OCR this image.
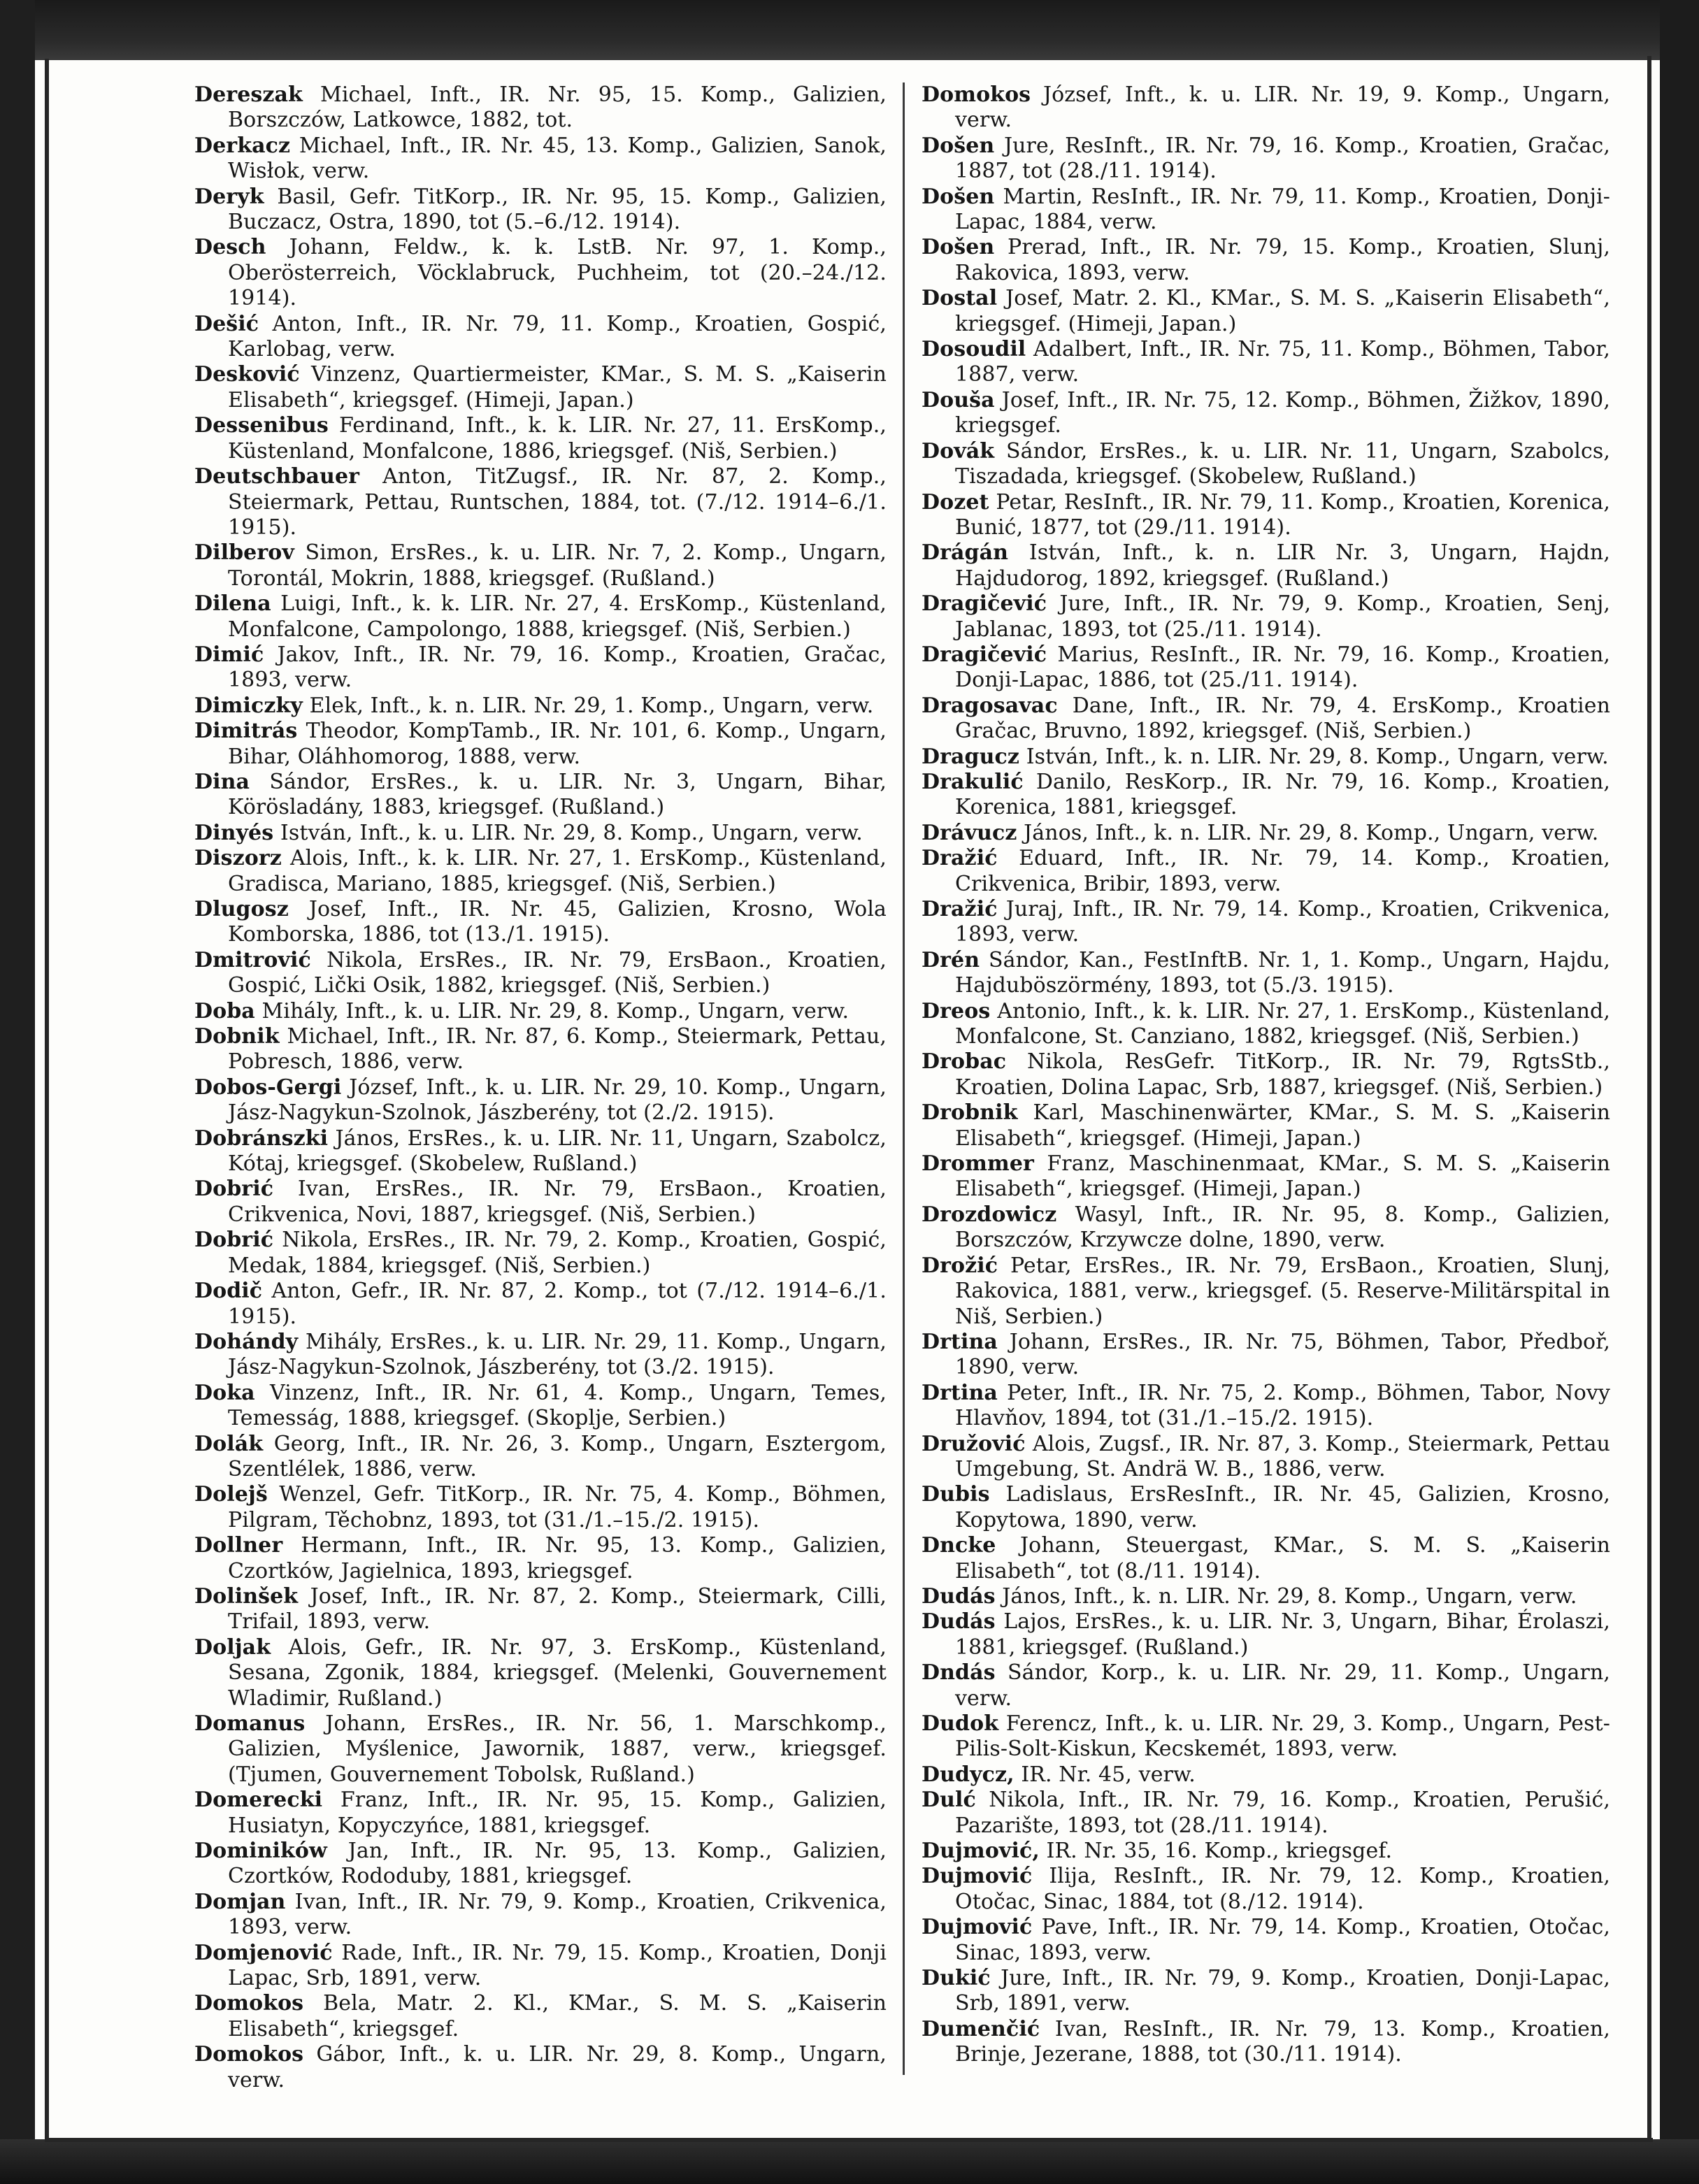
Dereszak Michael, Inft., IR. Nr. 95, 15. Komp., Galizien, Borszczów, Latkowce, 1882, tot.

Derkacz Michael, Inft., IR. Nr. 45, 13. Komp., Galizien, Sanok, Wisłok, verw.

Deryk Basil, Gefr. TitKorp., IR. Nr. 95, 15. Komp., Galizien, Buczacz, Ostra, 1890, tot (5.–6./12. 1914).

Desch Johann, Feldw., k. k. LstB. Nr. 97, 1. Komp., Oberösterreich, Vöcklabruck, Puchheim, tot (20.–24./12. 1914).

Dešić Anton, Inft., IR. Nr. 79, 11. Komp., Kroatien, Gospić, Karlobag, verw.

Desković Vinzenz, Quartiermeister, KMar., S. M. S. „Kaiserin Elisabeth“, kriegsgef. (Himeji, Japan.)

Dessenibus Ferdinand, Inft., k. k. LIR. Nr. 27, 11. ErsKomp., Küstenland, Monfalcone, 1886, kriegsgef. (Niš, Serbien.)

Deutschbauer Anton, TitZugsf., IR. Nr. 87, 2. Komp., Steiermark, Pettau, Runtschen, 1884, tot. (7./12. 1914–6./1. 1915).

Dilberov Simon, ErsRes., k. u. LIR. Nr. 7, 2. Komp., Ungarn, Torontál, Mokrin, 1888, kriegsgef. (Rußland.)

Dilena Luigi, Inft., k. k. LIR. Nr. 27, 4. ErsKomp., Küstenland, Monfalcone, Campolongo, 1888, kriegsgef. (Niš, Serbien.)

Dimić Jakov, Inft., IR. Nr. 79, 16. Komp., Kroatien, Gračac, 1893, verw.

Dimiczky Elek, Inft., k. n. LIR. Nr. 29, 1. Komp., Ungarn, verw.

Dimitrás Theodor, KompTamb., IR. Nr. 101, 6. Komp., Ungarn, Bihar, Oláhhomorog, 1888, verw.

Dina Sándor, ErsRes., k. u. LIR. Nr. 3, Ungarn, Bihar, Körösladány, 1883, kriegsgef. (Rußland.)

Dinyés István, Inft., k. u. LIR. Nr. 29, 8. Komp., Ungarn, verw.

Diszorz Alois, Inft., k. k. LIR. Nr. 27, 1. ErsKomp., Küstenland, Gradisca, Mariano, 1885, kriegsgef. (Niš, Serbien.)

Dlugosz Josef, Inft., IR. Nr. 45, Galizien, Krosno, Wola Komborska, 1886, tot (13./1. 1915).

Dmitrović Nikola, ErsRes., IR. Nr. 79, ErsBaon., Kroatien, Gospić, Lički Osik, 1882, kriegsgef. (Niš, Serbien.)

Doba Mihály, Inft., k. u. LIR. Nr. 29, 8. Komp., Ungarn, verw.

Dobnik Michael, Inft., IR. Nr. 87, 6. Komp., Steiermark, Pettau, Pobresch, 1886, verw.

Dobos-Gergi József, Inft., k. u. LIR. Nr. 29, 10. Komp., Ungarn, Jász-Nagykun-Szolnok, Jászberény, tot (2./2. 1915).

Dobránszki János, ErsRes., k. u. LIR. Nr. 11, Ungarn, Szabolcz, Kótaj, kriegsgef. (Skobelew, Rußland.)

Dobrić Ivan, ErsRes., IR. Nr. 79, ErsBaon., Kroatien, Crikvenica, Novi, 1887, kriegsgef. (Niš, Serbien.)

Dobrić Nikola, ErsRes., IR. Nr. 79, 2. Komp., Kroatien, Gospić, Medak, 1884, kriegsgef. (Niš, Serbien.)

Dodič Anton, Gefr., IR. Nr. 87, 2. Komp., tot (7./12. 1914–6./1. 1915).

Dohándy Mihály, ErsRes., k. u. LIR. Nr. 29, 11. Komp., Ungarn, Jász-Nagykun-Szolnok, Jászberény, tot (3./2. 1915).

Doka Vinzenz, Inft., IR. Nr. 61, 4. Komp., Ungarn, Temes, Temesság, 1888, kriegsgef. (Skoplje, Serbien.)

Dolák Georg, Inft., IR. Nr. 26, 3. Komp., Ungarn, Esztergom, Szentlélek, 1886, verw.

Dolejš Wenzel, Gefr. TitKorp., IR. Nr. 75, 4. Komp., Böhmen, Pilgram, Těchobnz, 1893, tot (31./1.–15./2. 1915).

Dollner Hermann, Inft., IR. Nr. 95, 13. Komp., Galizien, Czortków, Jagielnica, 1893, kriegsgef.

Dolinšek Josef, Inft., IR. Nr. 87, 2. Komp., Steiermark, Cilli, Trifail, 1893, verw.

Doljak Alois, Gefr., IR. Nr. 97, 3. ErsKomp., Küstenland, Sesana, Zgonik, 1884, kriegsgef. (Melenki, Gouvernement Wladimir, Rußland.)

Domanus Johann, ErsRes., IR. Nr. 56, 1. Marschkomp., Galizien, Myślenice, Jawornik, 1887, verw., kriegsgef. (Tjumen, Gouvernement Tobolsk, Rußland.)

Domerecki Franz, Inft., IR. Nr. 95, 15. Komp., Galizien, Husiatyn, Kopyczyńce, 1881, kriegsgef.

Dominików Jan, Inft., IR. Nr. 95, 13. Komp., Galizien, Czortków, Rododuby, 1881, kriegsgef.

Domjan Ivan, Inft., IR. Nr. 79, 9. Komp., Kroatien, Crikvenica, 1893, verw.

Domjenović Rade, Inft., IR. Nr. 79, 15. Komp., Kroatien, Donji Lapac, Srb, 1891, verw.

Domokos Bela, Matr. 2. Kl., KMar., S. M. S. „Kaiserin Elisabeth“, kriegsgef.

Domokos Gábor, Inft., k. u. LIR. Nr. 29, 8. Komp., Ungarn, verw.

Domokos József, Inft., k. u. LIR. Nr. 19, 9. Komp., Ungarn, verw.

Došen Jure, ResInft., IR. Nr. 79, 16. Komp., Kroatien, Gračac, 1887, tot (28./11. 1914).

Došen Martin, ResInft., IR. Nr. 79, 11. Komp., Kroatien, Donji-Lapac, 1884, verw.

Došen Prerad, Inft., IR. Nr. 79, 15. Komp., Kroatien, Slunj, Rakovica, 1893, verw.

Dostal Josef, Matr. 2. Kl., KMar., S. M. S. „Kaiserin Elisabeth“, kriegsgef. (Himeji, Japan.)

Dosoudil Adalbert, Inft., IR. Nr. 75, 11. Komp., Böhmen, Tabor, 1887, verw.

Douša Josef, Inft., IR. Nr. 75, 12. Komp., Böhmen, Žižkov, 1890, kriegsgef.

Dovák Sándor, ErsRes., k. u. LIR. Nr. 11, Ungarn, Szabolcs, Tiszadada, kriegsgef. (Skobelew, Rußland.)

Dozet Petar, ResInft., IR. Nr. 79, 11. Komp., Kroatien, Korenica, Bunić, 1877, tot (29./11. 1914).

Drágán István, Inft., k. n. LIR Nr. 3, Ungarn, Hajdn, Hajdudorog, 1892, kriegsgef. (Rußland.)

Dragičević Jure, Inft., IR. Nr. 79, 9. Komp., Kroatien, Senj, Jablanac, 1893, tot (25./11. 1914).

Dragičević Marius, ResInft., IR. Nr. 79, 16. Komp., Kroatien, Donji-Lapac, 1886, tot (25./11. 1914).

Dragosavac Dane, Inft., IR. Nr. 79, 4. ErsKomp., Kroatien Gračac, Bruvno, 1892, kriegsgef. (Niš, Serbien.)

Dragucz István, Inft., k. n. LIR. Nr. 29, 8. Komp., Ungarn, verw.

Drakulić Danilo, ResKorp., IR. Nr. 79, 16. Komp., Kroatien, Korenica, 1881, kriegsgef.

Drávucz János, Inft., k. n. LIR. Nr. 29, 8. Komp., Ungarn, verw.

Dražić Eduard, Inft., IR. Nr. 79, 14. Komp., Kroatien, Crikvenica, Bribir, 1893, verw.

Dražić Juraj, Inft., IR. Nr. 79, 14. Komp., Kroatien, Crikvenica, 1893, verw.

Drén Sándor, Kan., FestInftB. Nr. 1, 1. Komp., Ungarn, Hajdu, Hajduböszörmény, 1893, tot (5./3. 1915).

Dreos Antonio, Inft., k. k. LIR. Nr. 27, 1. ErsKomp., Küstenland, Monfalcone, St. Canziano, 1882, kriegsgef. (Niš, Serbien.)

Drobac Nikola, ResGefr. TitKorp., IR. Nr. 79, RgtsStb., Kroatien, Dolina Lapac, Srb, 1887, kriegsgef. (Niš, Serbien.)

Drobnik Karl, Maschinenwärter, KMar., S. M. S. „Kaiserin Elisabeth“, kriegsgef. (Himeji, Japan.)

Drommer Franz, Maschinenmaat, KMar., S. M. S. „Kaiserin Elisabeth“, kriegsgef. (Himeji, Japan.)

Drozdowicz Wasyl, Inft., IR. Nr. 95, 8. Komp., Galizien, Borszczów, Krzywcze dolne, 1890, verw.

Drožić Petar, ErsRes., IR. Nr. 79, ErsBaon., Kroatien, Slunj, Rakovica, 1881, verw., kriegsgef. (5. Reserve-Militärspital in Niš, Serbien.)

Drtina Johann, ErsRes., IR. Nr. 75, Böhmen, Tabor, Předboř, 1890, verw.

Drtina Peter, Inft., IR. Nr. 75, 2. Komp., Böhmen, Tabor, Novy Hlavňov, 1894, tot (31./1.–15./2. 1915).

Družović Alois, Zugsf., IR. Nr. 87, 3. Komp., Steiermark, Pettau Umgebung, St. Andrä W. B., 1886, verw.

Dubis Ladislaus, ErsResInft., IR. Nr. 45, Galizien, Krosno, Kopytowa, 1890, verw.

Dncke Johann, Steuergast, KMar., S. M. S. „Kaiserin Elisabeth“, tot (8./11. 1914).

Dudás János, Inft., k. n. LIR. Nr. 29, 8. Komp., Ungarn, verw.

Dudás Lajos, ErsRes., k. u. LIR. Nr. 3, Ungarn, Bihar, Érolaszi, 1881, kriegsgef. (Rußland.)

Dndás Sándor, Korp., k. u. LIR. Nr. 29, 11. Komp., Ungarn, verw.

Dudok Ferencz, Inft., k. u. LIR. Nr. 29, 3. Komp., Ungarn, Pest-Pilis-Solt-Kiskun, Kecskemét, 1893, verw.

Dudycz, IR. Nr. 45, verw.

Dulć Nikola, Inft., IR. Nr. 79, 16. Komp., Kroatien, Perušić, Pazarište, 1893, tot (28./11. 1914).

Dujmović, IR. Nr. 35, 16. Komp., kriegsgef.

Dujmović Ilija, ResInft., IR. Nr. 79, 12. Komp., Kroatien, Otočac, Sinac, 1884, tot (8./12. 1914).

Dujmović Pave, Inft., IR. Nr. 79, 14. Komp., Kroatien, Otočac, Sinac, 1893, verw.

Dukić Jure, Inft., IR. Nr. 79, 9. Komp., Kroatien, Donji-Lapac, Srb, 1891, verw.

Dumenčić Ivan, ResInft., IR. Nr. 79, 13. Komp., Kroatien, Brinje, Jezerane, 1888, tot (30./11. 1914).
